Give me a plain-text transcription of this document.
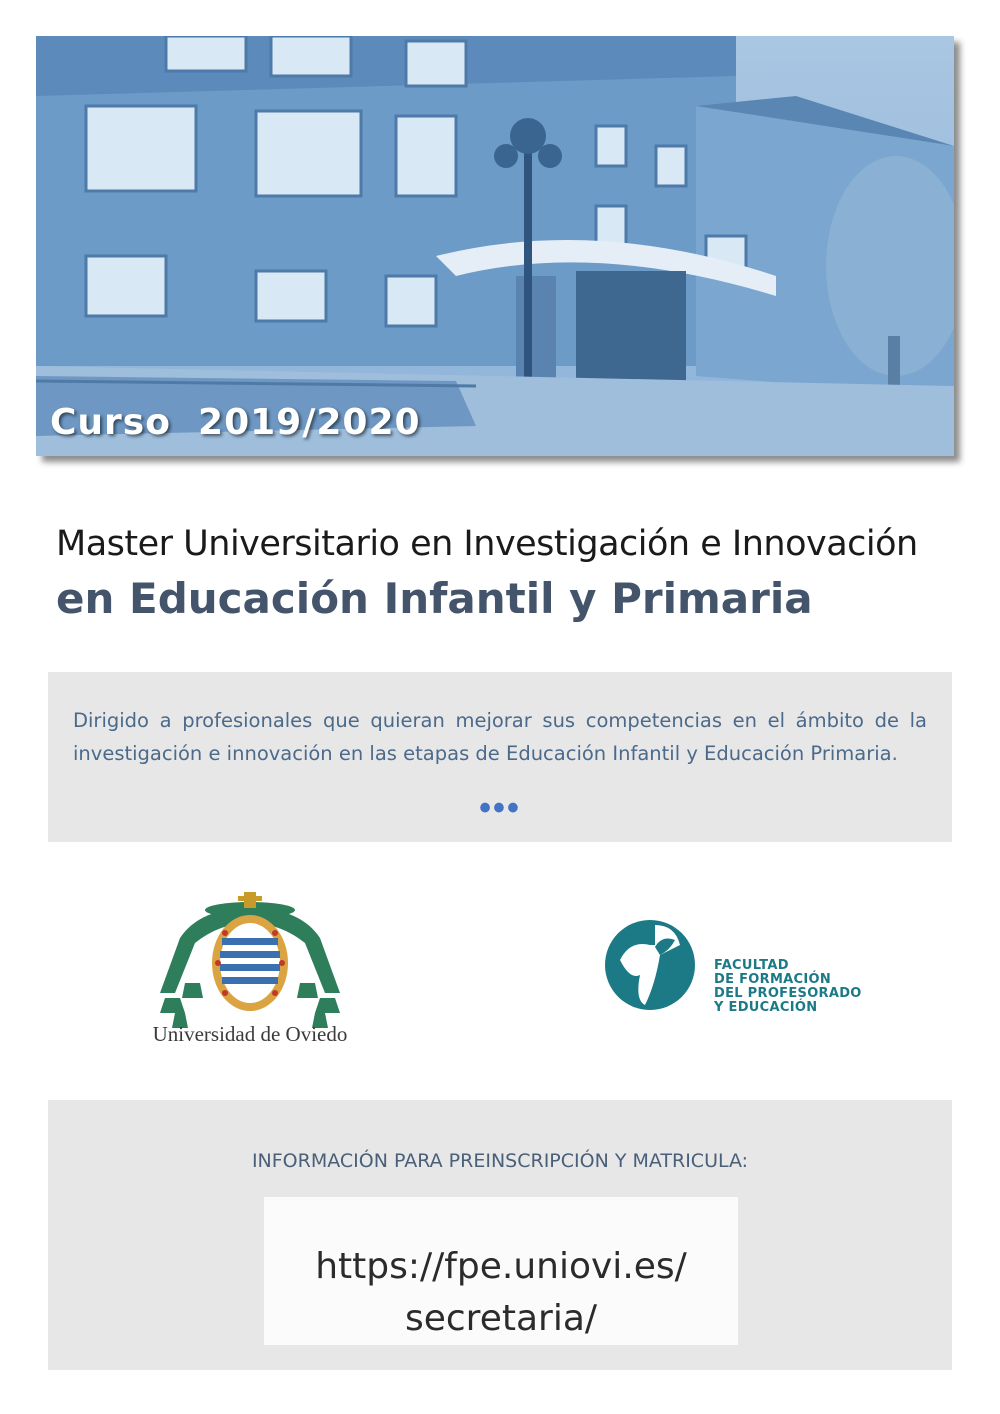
Curso  2019/2020
Master Universitario en Investigación e Innovación
en Educación Infantil y Primaria
Dirigido a profesionales que quieran mejorar sus competencias en el ámbito de la investigación e innovación en las etapas de Educación Infantil y Educación Primaria.
•••
Universidad de Oviedo
FACULTAD
DE FORMACIÓN
DEL PROFESORADO
Y EDUCACIÓN
INFORMACIÓN PARA PREINSCRIPCIÓN Y MATRICULA:
https://fpe.uniovi.es/
secretaria/
